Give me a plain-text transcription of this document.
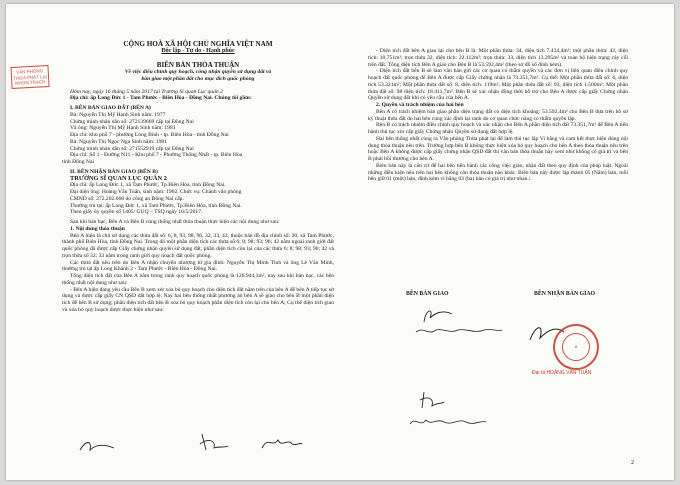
VĂN PHÒNG
THỪA PHÁT LẠI
NHƠN TRẠCH
CỘNG HOÀ XÃ HỘI CHỦ NGHĨA VIỆT NAM
Độc lập - Tự do - Hạnh phúc
BIÊN BẢN THỎA THUẬN
Về việc điều chỉnh quy hoạch, công nhận quyền sử dụng đất và
bàn giao một phần đất cho mục đích quốc phòng

Hôm nay, ngày 16 tháng 5 năm 2017 tại Trường Sĩ quan Lục quân 2

Địa chỉ: ấp Long Đức 1 - Tam Phước - Biên Hòa - Đồng Nai. Chúng tôi gồm:

I. BÊN BẢN GIAO ĐẤT (BÊN A)

Bà: Nguyễn Thị Mỹ Hạnh Sinh năm: 1977

Chứng minh nhân dân số: 272139669 cấp tại Đồng Nai

Và ông: Nguyễn Thị Mỹ Hạnh Sinh năm: 1981

Địa chỉ: khu phố 7 - phường Long Bình - tp. Biên Hòa - tỉnh Đồng Nai

Bà: Nguyễn Thị Ngọc Nga Sinh năm: 1981

Chứng minh nhân dân số: 271552919 cấp tại Đồng Nai

Địa chỉ: Số 1 - Đường N11 - Khu phố 7 - Phường Thống Nhất - tp. Biên Hòa

tỉnh Đồng Nai

II. BÊN NHẬN BÀN GIAO (BÊN B)

TRƯỜNG SĨ QUAN LỤC QUÂN 2

Địa chỉ: ấp Long Đức 1, xã Tam Phước, Tp.Biên Hòa, tỉnh Đồng Nai.

Đại diện ông: Hoàng Văn Tuấn, sinh năm: 1962. Chức vụ: Chánh văn phòng

CMND số: 272.202.668 do công an Đồng Nai cấp.

Thường trú tại: ấp Long Đức 1, xã Tam Phước, Tp.Biên Hòa, tỉnh Đồng Nai.

Theo giấy ủy quyền số 1405/ GUQ – TSQ ngày 16/5/2017.

Sau khi bàn bạc, Bên A và Bên B cùng thống nhất thỏa thuận thực hiện các nội dung như sau:

1. Nội dung thỏa thuận

Bên A hiện là chủ sử dụng các thửa đất số: 6, 8, 93, 98, 96, 32, 33, 42, thuộc bản đồ địa chính số: 20, xã Tam Phước, thành phố Biên Hòa, tỉnh Đồng Nai. Trong đó một phần diện tích các thửa số 6; 8; 98; 93; 96; 42 nằm ngoài ranh giới đất quốc phòng đã được cấp Giấy chứng nhận quyền sử dụng đất, phần diện tích còn lại của các thửa 6; 8; 98; 93; 96; 42 và trọn thửa số 32; 33 nằm trong ranh giới quy hoạch đất quốc phòng.

Các thửa đất nêu trên do Bên A nhận chuyển nhượng từ gia đình: Nguyễn Thị Minh Tình và ông Lê Văn Minh, thường trú tại ấp Long Khánh 2 - Tam Phước - Biên Hòa - Đồng Nai.

Tổng diện tích đất của Bên A nằm trong ranh quy hoạch quốc phòng là 126.944,1m², nay sau khi bàn bạc, các bên thống nhất nội dung như sau:

- Bên A hiện đang yêu cầu Bên B xem xét xóa bỏ quy hoạch cho diện tích đất nằm trên của bên A để bên A tiếp tục sử dụng và được cấp giấy CN QSD đất hợp lệ. Nay hai bên thống nhất phương án bên A sẽ giao cho bên B một phần diện tích để bên B sử dụng; phần diện tích đất bên B xóa bỏ quy hoạch phần diện tích còn lại cho bên A; Cụ thể diện tích giao và xóa bỏ quy hoạch được thực hiện như sau:

- Diện tích đất bên A giao lại cho bên B là: Một phần thửa: 34, diện tích 7.434,4m²; một phần thửa: 42, diện tích: 10.751m²; trọn thửa 32, diện tích: 22.112m²; trọn thửa: 33, diện tích 13.295m² và toàn bộ hiện trạng cây cối trên đất. Tổng diện tích Bên A giao cho Bên B là 53.592,4m² (theo sơ đồ số đính kèm).

- Diện tích đất bên B sẽ làm văn bản gửi các cơ quan có thẩm quyền và các đơn vị liên quan điều chỉnh quy hoạch đất quốc phòng để Bên A được cấp Giấy chứng nhận là 73.351,7m². Cụ thể: Một phần thửa đất số: 6, diện tích 53.321m²; Một phần thửa đất số: 8, diện tích: 119m²; Một phần thửa đất số: 93, diện tích 1.500m²; Một phần thửa đất số: 98 diện tích: 18.411,7m². Bên B sẽ xác nhận đồng thời hỗ trợ cho Bên A được cấp giấy Chứng nhận Quyền sử dụng đất khi có yêu cầu của bên A.

2. Quyền và trách nhiệm của hai bên

Bên A có trách nhiệm bàn giao phần diện trạng đất có diện tích khoảng: 53.592,4m² cho Bên B dựa trên hồ sơ kỹ thuật thửa đất do hai bên cùng xác định lại ranh do cơ quan chức năng có thẩm quyền lập.

Bên B có trách nhiệm điều chỉnh quy hoạch và xác nhận cho Bên A phần diện tích đất 73.351,7m² để Bên A tiến hành thủ tục xin cấp giấy Chứng nhận Quyền sử dụng đất hợp lệ.

Hai bên thống nhất cùng ra Văn phòng Thừa phát lại để làm thủ tục lập Vi bằng và cam kết thực hiện đúng nội dung thỏa thuận nêu trên. Trường hợp bên B không thực hiện xóa bỏ quy hoạch cho bên A theo thỏa thuận nêu trên hoặc Bên A không được cấp giấy chứng nhận QSD đất thì văn bản thỏa thuận này xem như không có giá trị và bên B phải bồi thường cho bên A.

Biên bản này là căn cứ để hai bên tiến hành các công việc giao, nhận đất theo quy định của pháp luật. Ngoài những điều kiện nêu trên hai bên không còn thỏa thuận nào khác. Biên bản này được lập thành 05 (Năm) bản, mỗi bên giữ 01 (một) bản, đính kèm vi bằng 03 (ba) bản có giá trị như nhau./.

BÊN BÀN GIAO	BÊN NHẬN BÀN GIAO
★
Đại tá HOÀNG VĂN TUẤN
2
